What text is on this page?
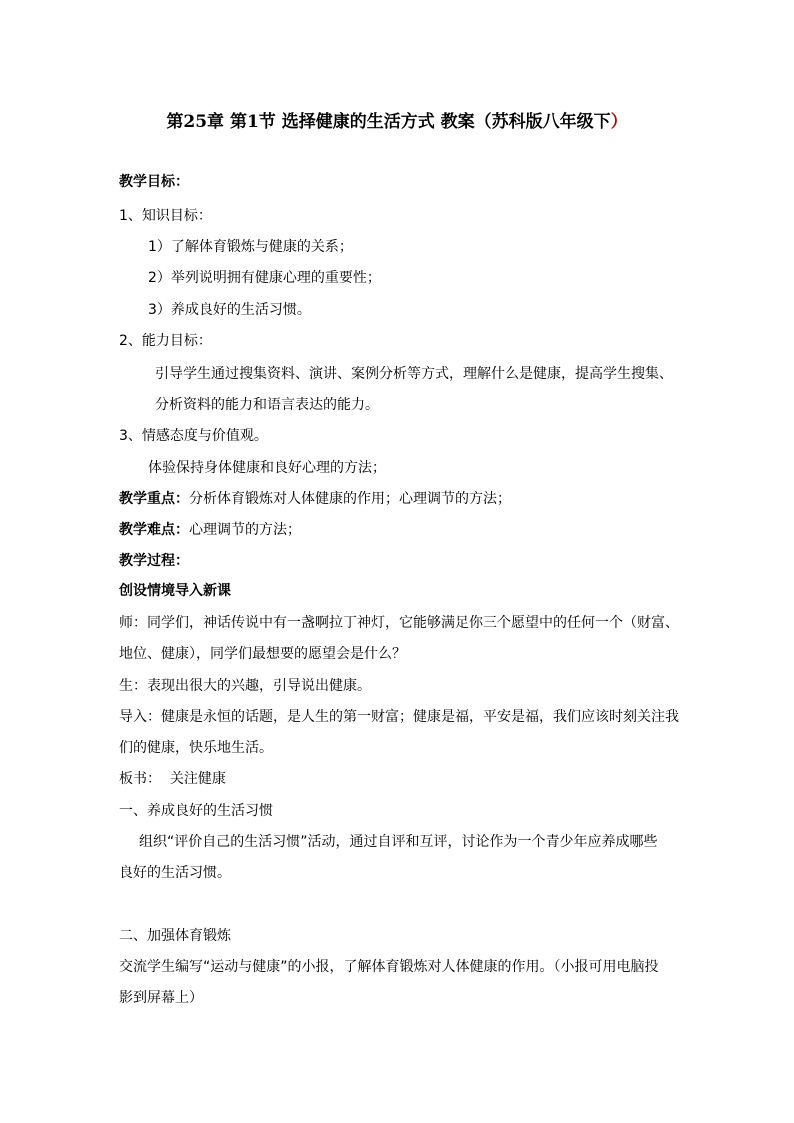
第25章 第1节 选择健康的生活方式 教案（苏科版八年级下）
教学目标：
1、知识目标：
1）了解体育锻炼与健康的关系；
2）举列说明拥有健康心理的重要性；
3）养成良好的生活习惯。
2、能力目标：
引导学生通过搜集资料、演讲、案例分析等方式，理解什么是健康，提高学生搜集、
分析资料的能力和语言表达的能力。
3、情感态度与价值观。
体验保持身体健康和良好心理的方法；
教学重点：分析体育锻炼对人体健康的作用；心理调节的方法；
教学难点：心理调节的方法；
教学过程：
创设情境导入新课
师：同学们，神话传说中有一盏啊拉丁神灯，它能够满足你三个愿望中的任何一个（财富、
地位、健康），同学们最想要的愿望会是什么？
生：表现出很大的兴趣，引导说出健康。
导入：健康是永恒的话题，是人生的第一财富；健康是福，平安是福，我们应该时刻关注我
们的健康，快乐地生活。
板书：  关注健康
一、养成良好的生活习惯
组织“评价自己的生活习惯”活动，通过自评和互评，讨论作为一个青少年应养成哪些
良好的生活习惯。
二、加强体育锻炼
交流学生编写“运动与健康”的小报，了解体育锻炼对人体健康的作用。（小报可用电脑投
影到屏幕上）
